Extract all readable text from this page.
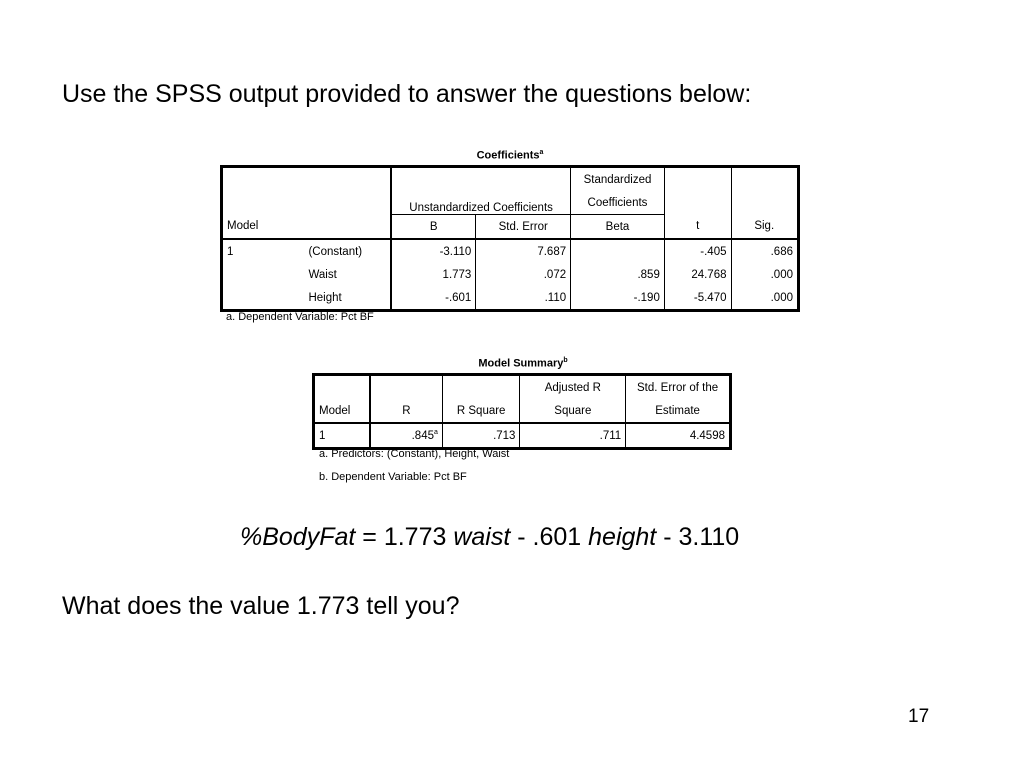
Use the SPSS output provided to answer the questions below:
Coefficients$^a$
		Unstandardized Coefficients		Standardized		
				Coefficients		
Model		B	Std. Error	Beta	t	Sig.
1	(Constant)	-3.110	7.687		-.405	.686
	Waist	1.773	.072	.859	24.768	.000
	Height	-.601	.110	-.190	-5.470	.000
a. Dependent Variable: Pct BF
Model Summary$^b$
			Adjusted R	Std. Error of the
Model	R	R Square	Square	Estimate
1	.845$^a$	.713	.711	4.4598
a. Predictors: (Constant), Height, Waist
b. Dependent Variable: Pct BF
%BodyFat = 1.773 waist - .601 height - 3.110
What does the value 1.773 tell you?
17
